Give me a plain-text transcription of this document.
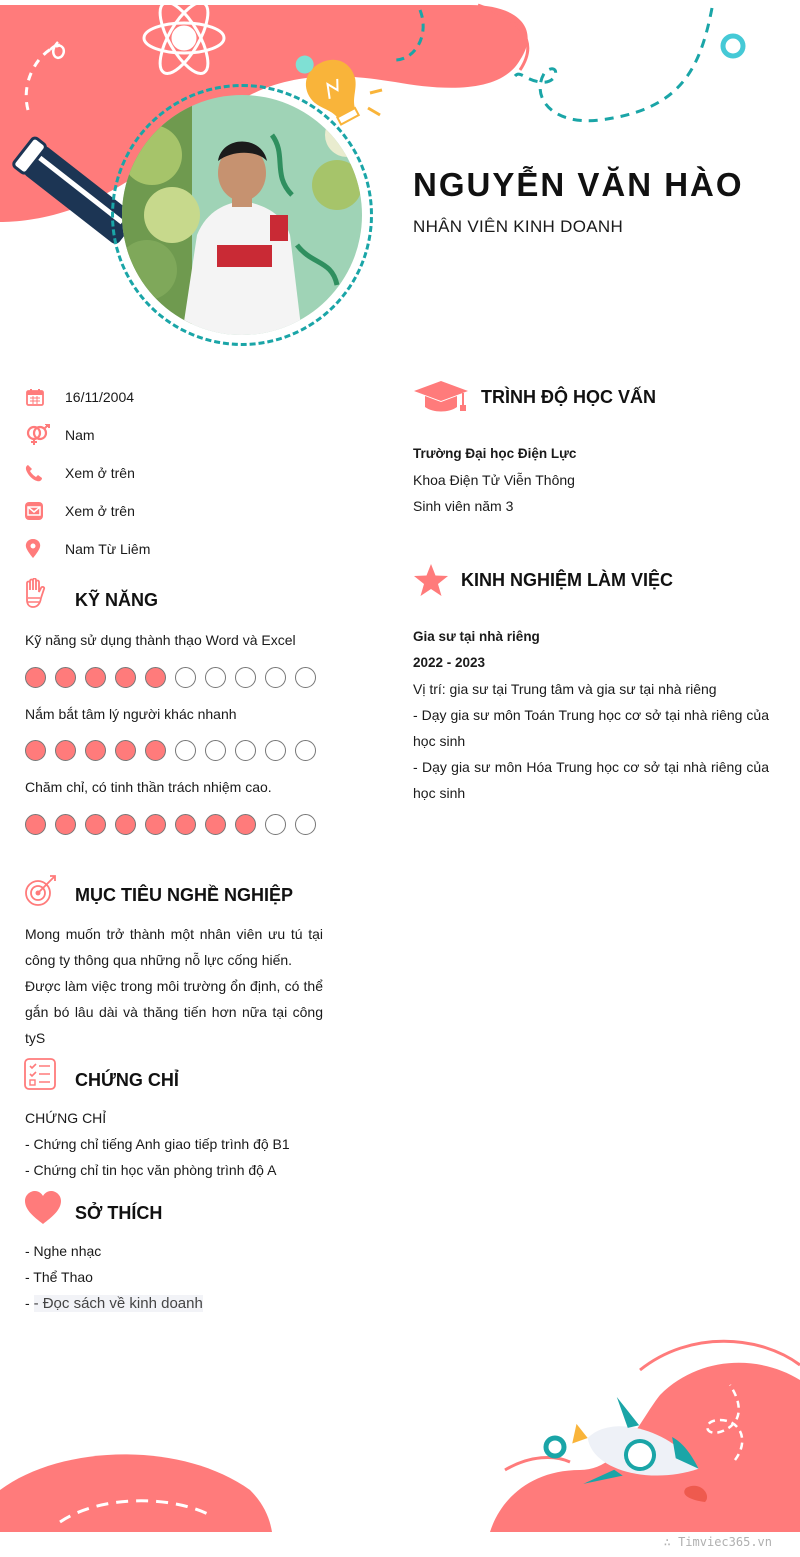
NGUYỄN VĂN HÀO
NHÂN VIÊN KINH DOANH
16/11/2004
Nam
Xem ở trên
Xem ở trên
Nam Từ Liêm
KỸ NĂNG
Kỹ năng sử dụng thành thạo Word và Excel
Nắm bắt tâm lý người khác nhanh
Chăm chỉ, có tinh thần trách nhiệm cao.
MỤC TIÊU NGHỀ NGHIỆP
Mong muốn trở thành một nhân viên ưu tú tại công ty thông qua những nỗ lực cống hiến.
Được làm việc trong môi trường ổn định, có thể gắn bó lâu dài và thăng tiến hơn nữa tại công tyS
CHỨNG CHỈ
CHỨNG CHỈ
- Chứng chỉ tiếng Anh giao tiếp trình độ B1
- Chứng chỉ tin học văn phòng trình độ A
SỞ THÍCH
- Nghe nhạc
- Thể Thao
- - Đọc sách về kinh doanh
TRÌNH ĐỘ HỌC VẤN
Trường Đại học Điện Lực
Khoa Điện Tử Viễn Thông
Sinh viên năm 3
KINH NGHIỆM LÀM VIỆC
Gia sư tại nhà riêng
2022 - 2023
Vị trí: gia sư tại Trung tâm và gia sư tại nhà riêng
- Dạy gia sư môn Toán Trung học cơ sở tại nhà riêng của học sinh
- Dạy gia sư môn Hóa Trung học cơ sở tại nhà riêng của học sinh
∴ Timviec365.vn
